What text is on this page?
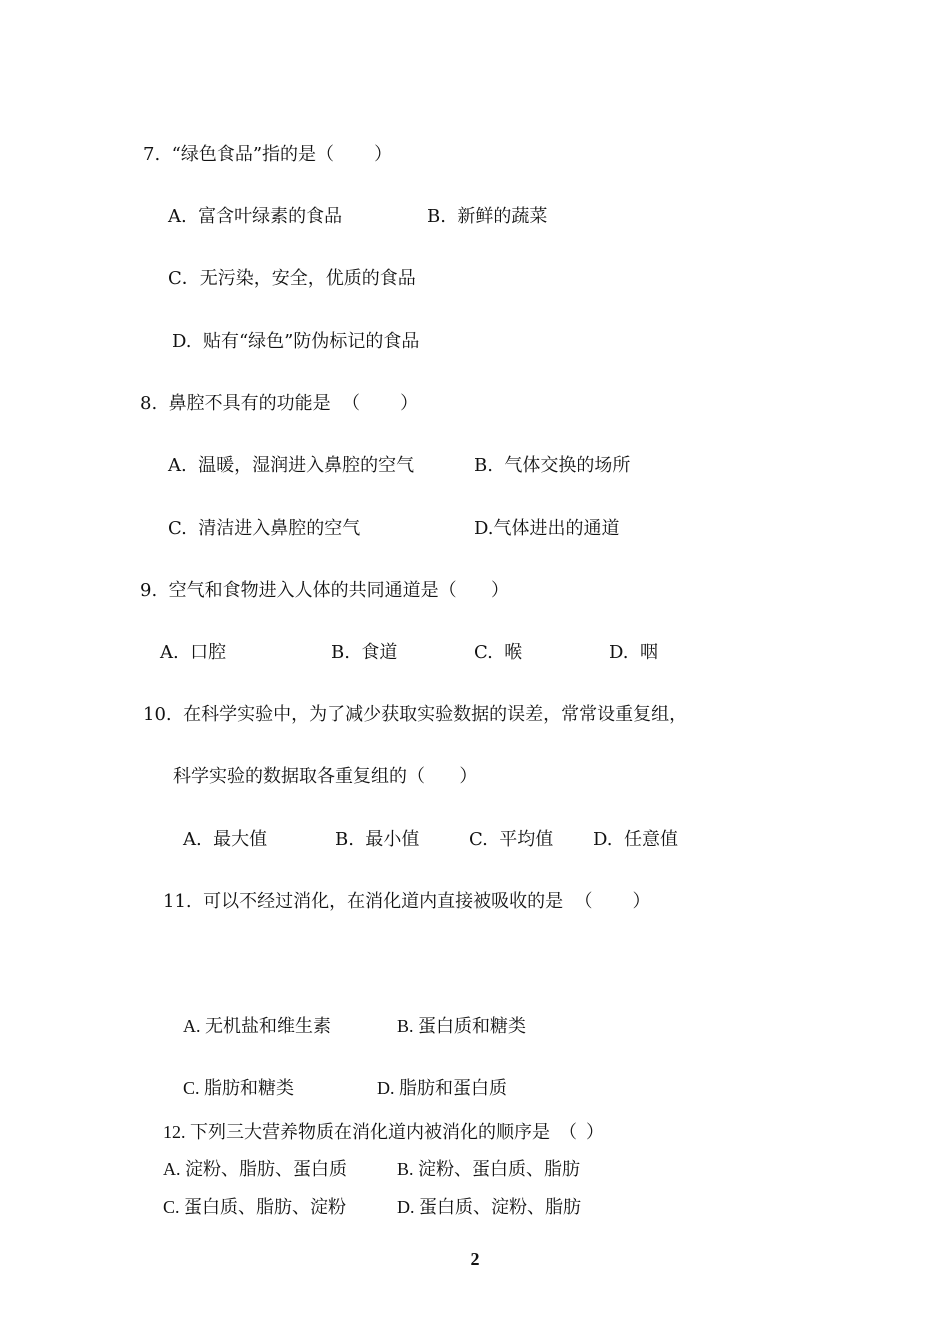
7.  “绿色食品”指的是（       ）
A.  富含叶绿素的食品	B.  新鲜的蔬菜
C．无污染，安全，优质的食品
D.  贴有“绿色”防伪标记的食品
8.  鼻腔不具有的功能是  （       ）
A.  温暖，湿润进入鼻腔的空气	B.  气体交换的场所
C.  清洁进入鼻腔的空气	D.气体进出的通道
9.  空气和食物进入人体的共同通道是（      ）
A.  口腔	B.  食道	C.  喉	D.  咽
10.  在科学实验中，为了减少获取实验数据的误差，常常设重复组，
科学实验的数据取各重复组的（      ）
A.  最大值	B.  最小值	C.  平均值 D.  任意值
11.  可以不经过消化，在消化道内直接被吸收的是  （       ）
A. 无机盐和维生素	B. 蛋白质和糖类
C. 脂肪和糖类	D. 脂肪和蛋白质
12. 下列三大营养物质在消化道内被消化的顺序是  （  ）
A. 淀粉、脂肪、蛋白质	B. 淀粉、蛋白质、脂肪
C. 蛋白质、脂肪、淀粉	D. 蛋白质、淀粉、脂肪
2
